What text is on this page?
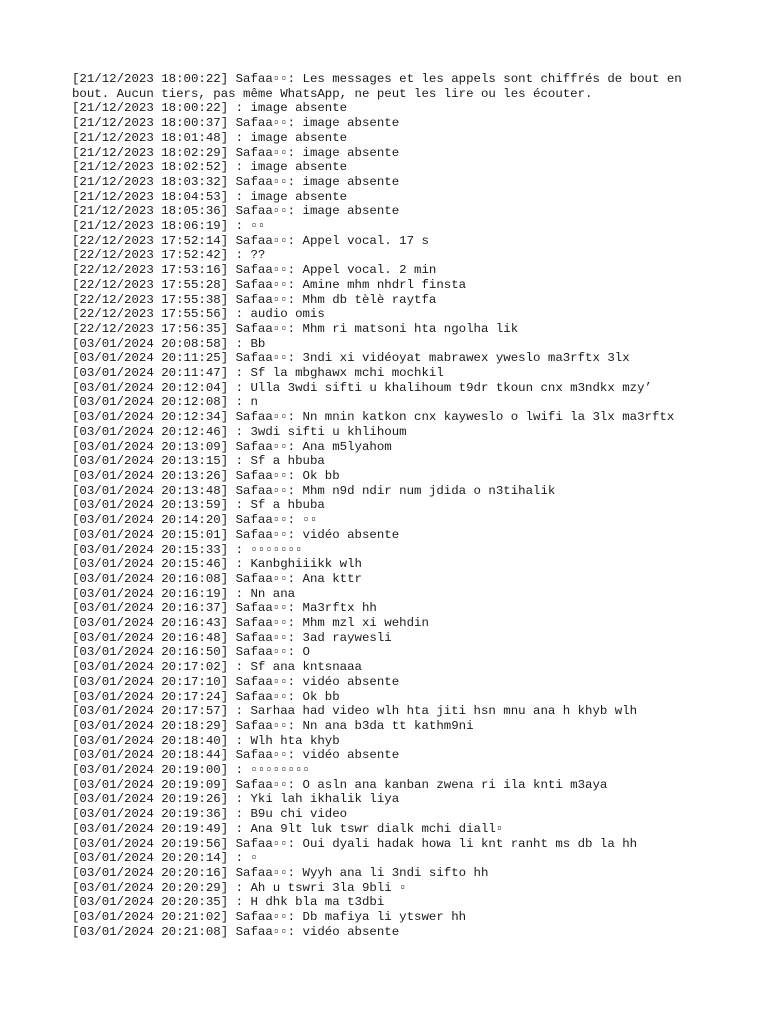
[21/12/2023 18:00:22] Safaa▫▫: Les messages et les appels sont chiffrés de bout en bout. Aucun tiers, pas même WhatsApp, ne peut les lire ou les écouter.
[21/12/2023 18:00:22] : image absente
[21/12/2023 18:00:37] Safaa▫▫: image absente
[21/12/2023 18:01:48] : image absente
[21/12/2023 18:02:29] Safaa▫▫: image absente
[21/12/2023 18:02:52] : image absente
[21/12/2023 18:03:32] Safaa▫▫: image absente
[21/12/2023 18:04:53] : image absente
[21/12/2023 18:05:36] Safaa▫▫: image absente
[21/12/2023 18:06:19] : ▫▫
[22/12/2023 17:52:14] Safaa▫▫: Appel vocal. 17 s
[22/12/2023 17:52:42] : ??
[22/12/2023 17:53:16] Safaa▫▫: Appel vocal. 2 min
[22/12/2023 17:55:28] Safaa▫▫: Amine mhm nhdrl finsta
[22/12/2023 17:55:38] Safaa▫▫: Mhm db tèlè raytfa
[22/12/2023 17:55:56] : audio omis
[22/12/2023 17:56:35] Safaa▫▫: Mhm ri matsoni hta ngolha lik
[03/01/2024 20:08:58] : Bb
[03/01/2024 20:11:25] Safaa▫▫: 3ndi xi vidéoyat mabrawex yweslo ma3rftx 3lx
[03/01/2024 20:11:47] : Sf la mbghawx mchi mochkil
[03/01/2024 20:12:04] : Ulla 3wdi sifti u khalihoum t9dr tkoun cnx m3ndkx mzy’
[03/01/2024 20:12:08] : n
[03/01/2024 20:12:34] Safaa▫▫: Nn mnin katkon cnx kayweslo o lwifi la 3lx ma3rftx
[03/01/2024 20:12:46] : 3wdi sifti u khlihoum
[03/01/2024 20:13:09] Safaa▫▫: Ana m5lyahom
[03/01/2024 20:13:15] : Sf a hbuba
[03/01/2024 20:13:26] Safaa▫▫: Ok bb
[03/01/2024 20:13:48] Safaa▫▫: Mhm n9d ndir num jdida o n3tihalik
[03/01/2024 20:13:59] : Sf a hbuba
[03/01/2024 20:14:20] Safaa▫▫: ▫▫
[03/01/2024 20:15:01] Safaa▫▫: vidéo absente
[03/01/2024 20:15:33] : ▫▫▫▫▫▫▫
[03/01/2024 20:15:46] : Kanbghiiikk wlh
[03/01/2024 20:16:08] Safaa▫▫: Ana kttr
[03/01/2024 20:16:19] : Nn ana
[03/01/2024 20:16:37] Safaa▫▫: Ma3rftx hh
[03/01/2024 20:16:43] Safaa▫▫: Mhm mzl xi wehdin
[03/01/2024 20:16:48] Safaa▫▫: 3ad raywesli
[03/01/2024 20:16:50] Safaa▫▫: O
[03/01/2024 20:17:02] : Sf ana kntsnaaa
[03/01/2024 20:17:10] Safaa▫▫: vidéo absente
[03/01/2024 20:17:24] Safaa▫▫: Ok bb
[03/01/2024 20:17:57] : Sarhaa had video wlh hta jiti hsn mnu ana h khyb wlh
[03/01/2024 20:18:29] Safaa▫▫: Nn ana b3da tt kathm9ni
[03/01/2024 20:18:40] : Wlh hta khyb
[03/01/2024 20:18:44] Safaa▫▫: vidéo absente
[03/01/2024 20:19:00] : ▫▫▫▫▫▫▫▫
[03/01/2024 20:19:09] Safaa▫▫: O asln ana kanban zwena ri ila knti m3aya
[03/01/2024 20:19:26] : Yki lah ikhalik liya
[03/01/2024 20:19:36] : B9u chi video
[03/01/2024 20:19:49] : Ana 9lt luk tswr dialk mchi diall▫
[03/01/2024 20:19:56] Safaa▫▫: Oui dyali hadak howa li knt ranht ms db la hh
[03/01/2024 20:20:14] : ▫
[03/01/2024 20:20:16] Safaa▫▫: Wyyh ana li 3ndi sifto hh
[03/01/2024 20:20:29] : Ah u tswri 3la 9bli ▫
[03/01/2024 20:20:35] : H dhk bla ma t3dbi
[03/01/2024 20:21:02] Safaa▫▫: Db mafiya li ytswer hh
[03/01/2024 20:21:08] Safaa▫▫: vidéo absente
